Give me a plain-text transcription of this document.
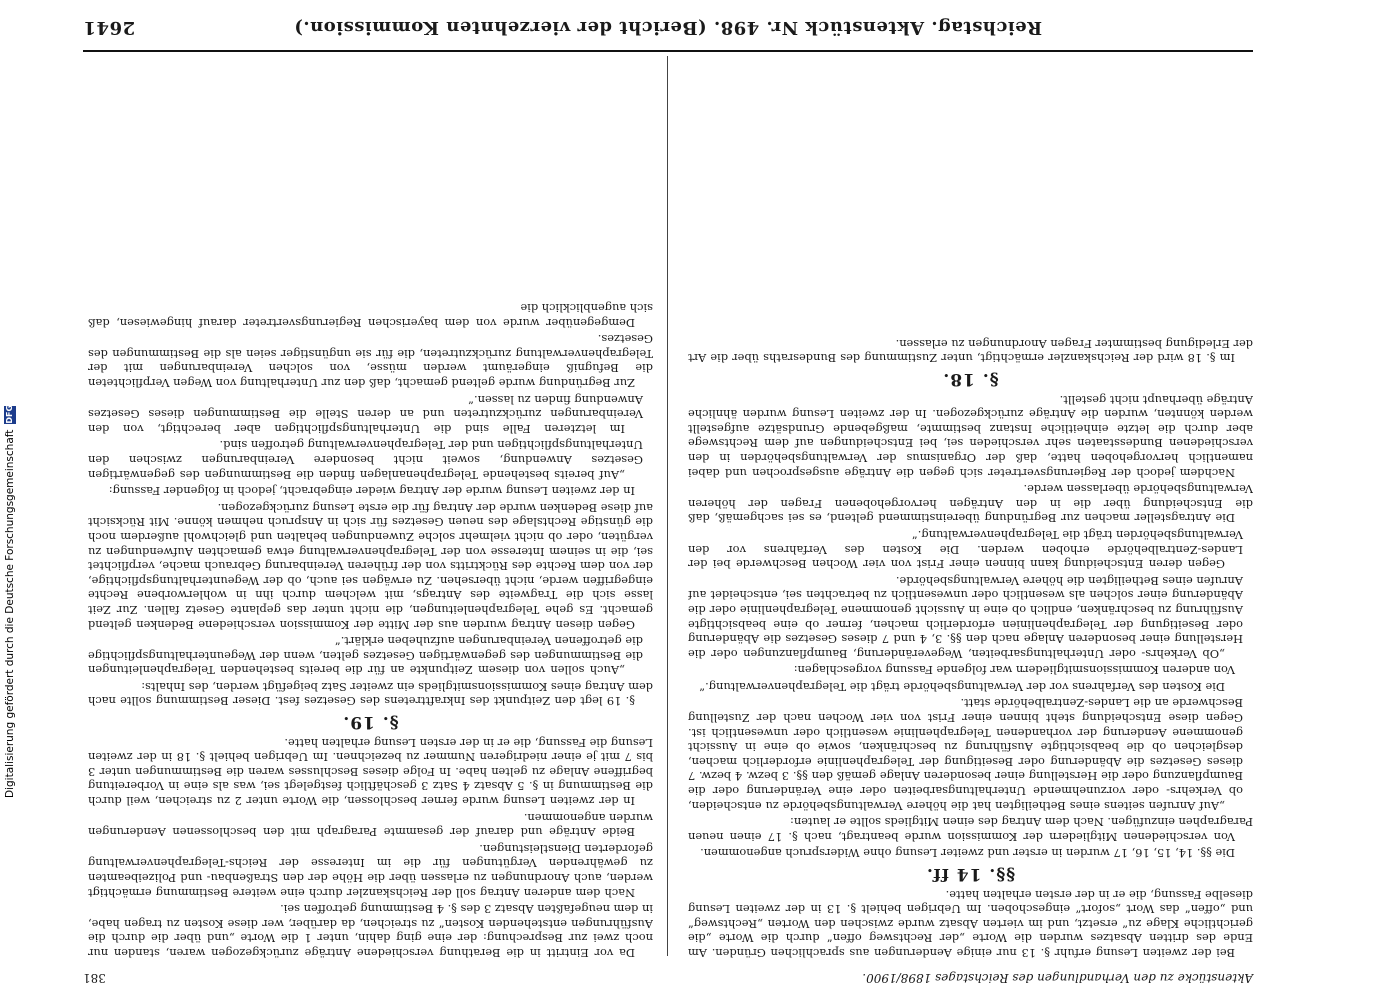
Reichstag. Aktenstück Nr. 498. (Bericht der vierzehnten Kommission.)
2641

Bei der zweiten Lesung erfuhr §. 13 nur einige Aenderungen aus sprachlichen Gründen. Am Ende des dritten Absatzes wurden die Worte „der Rechtsweg offen“ durch die Worte „die gerichtliche Klage zu“ ersetzt, und im vierten Absatz wurde zwischen den Worten „Rechtsweg“ und „offen“ das Wort „sofort“ eingeschoben. Im Uebrigen behielt §. 13 in der zweiten Lesung dieselbe Fassung, die er in der ersten erhalten hatte.

§§. 14 ff.

Die §§. 14, 15, 16, 17 wurden in erster und zweiter Lesung ohne Widerspruch angenommen.

Von verschiedenen Mitgliedern der Kommission wurde beantragt, nach §. 17 einen neuen Paragraphen einzufügen. Nach dem Antrag des einen Mitglieds sollte er lauten:

„Auf Anrufen seitens eines Betheiligten hat die höhere Verwaltungsbehörde zu entscheiden, ob Verkehrs- oder vorzunehmende Unterhaltungsarbeiten oder eine Veränderung oder die Baumpflanzung oder die Herstellung einer besonderen Anlage gemäß den §§. 3 bezw. 4 bezw. 7 dieses Gesetzes die Abänderung oder Beseitigung der Telegraphenlinie erforderlich machen, desgleichen ob die beabsichtigte Ausführung zu beschränken, sowie ob eine in Aussicht genommene Aenderung der vorhandenen Telegraphenlinie wesentlich oder unwesentlich ist. Gegen diese Entscheidung steht binnen einer Frist von vier Wochen nach der Zustellung Beschwerde an die Landes-Zentralbehörde statt.

Die Kosten des Verfahrens vor der Verwaltungsbehörde trägt die Telegraphenverwaltung.“

Von anderen Kommissionsmitgliedern war folgende Fassung vorgeschlagen:

„Ob Verkehrs- oder Unterhaltungsarbeiten, Wegeveränderung, Baumpflanzungen oder die Herstellung einer besonderen Anlage nach den §§. 3, 4 und 7 dieses Gesetzes die Abänderung oder Beseitigung der Telegraphenlinien erforderlich machen, ferner ob eine beabsichtigte Ausführung zu beschränken, endlich ob eine in Aussicht genommene Telegraphenlinie oder die Abänderung einer solchen als wesentlich oder unwesentlich zu betrachten sei, entscheidet auf Anrufen eines Betheiligten die höhere Verwaltungsbehörde.

Gegen deren Entscheidung kann binnen einer Frist von vier Wochen Beschwerde bei der Landes-Zentralbehörde erhoben werden. Die Kosten des Verfahrens vor den Verwaltungsbehörden trägt die Telegraphenverwaltung.“

Die Antragsteller machen zur Begründung übereinstimmend geltend, es sei sachgemäß, daß die Entscheidung über die in den Anträgen hervorgehobenen Fragen der höheren Verwaltungsbehörde überlassen werde.

Nachdem jedoch der Regierungsvertreter sich gegen die Anträge ausgesprochen und dabei namentlich hervorgehoben hatte, daß der Organismus der Verwaltungsbehörden in den verschiedenen Bundesstaaten sehr verschieden sei, bei Entscheidungen auf dem Rechtswege aber durch die letzte einheitliche Instanz bestimmte, maßgebende Grundsätze aufgestellt werden könnten, wurden die Anträge zurückgezogen. In der zweiten Lesung wurden ähnliche Anträge überhaupt nicht gestellt.

§. 18.

Im §. 18 wird der Reichskanzler ermächtigt, unter Zustimmung des Bundesraths über die Art der Erledigung bestimmter Fragen Anordnungen zu erlassen.

Da vor Eintritt in die Berathung verschiedene Anträge zurückgezogen waren, standen nur noch zwei zur Besprechung: der eine ging dahin, unter 1 die Worte „und über die durch die Ausführungen entstehenden Kosten“ zu streichen, da darüber, wer diese Kosten zu tragen habe, in dem neugefaßten Absatz 3 des §. 4 Bestimmung getroffen sei.

Nach dem anderen Antrag soll der Reichskanzler durch eine weitere Bestimmung ermächtigt werden, auch Anordnungen zu erlassen über die Höhe der den Straßenbau- und Polizeibeamten zu gewährenden Vergütungen für die im Interesse der Reichs-Telegraphenverwaltung geforderten Dienstleistungen.

Beide Anträge und darauf der gesammte Paragraph mit den beschlossenen Aenderungen wurden angenommen.

In der zweiten Lesung wurde ferner beschlossen, die Worte unter 2 zu streichen, weil durch die Bestimmung in §. 5 Absatz 4 Satz 3 geschäftlich festgelegt sei, was als eine in Vorbereitung begriffene Anlage zu gelten habe. In Folge dieses Beschlusses waren die Bestimmungen unter 3 bis 7 mit je einer niedrigeren Nummer zu bezeichnen. Im Uebrigen behielt §. 18 in der zweiten Lesung die Fassung, die er in der ersten Lesung erhalten hatte.

§. 19.

§. 19 legt den Zeitpunkt des Inkrafttretens des Gesetzes fest. Dieser Bestimmung sollte nach dem Antrag eines Kommissionsmitglieds ein zweiter Satz beigefügt werden, des Inhalts:

„Auch sollen von diesem Zeitpunkte an für die bereits bestehenden Telegraphenleitungen die Bestimmungen des gegenwärtigen Gesetzes gelten, wenn der Wegeunterhaltungspflichtige die getroffenen Vereinbarungen aufzuheben erklärt.“

Gegen diesen Antrag wurden aus der Mitte der Kommission verschiedene Bedenken geltend gemacht. Es gehe Telegraphenleitungen, die nicht unter das geplante Gesetz fallen. Zur Zeit lasse sich die Tragweite des Antrags, mit welchem durch ihn in wohlerworbene Rechte eingegriffen werde, nicht übersehen. Zu erwägen sei auch, ob der Wegeunterhaltungspflichtige, der von dem Rechte des Rücktritts von der früheren Vereinbarung Gebrauch mache, verpflichtet sei, die in seinem Interesse von der Telegraphenverwaltung etwa gemachten Aufwendungen zu vergüten, oder ob nicht vielmehr solche Zuwendungen behalten und gleichwohl außerdem noch die günstige Rechtslage des neuen Gesetzes für sich in Anspruch nehmen könne. Mit Rücksicht auf diese Bedenken wurde der Antrag für die erste Lesung zurückgezogen.

In der zweiten Lesung wurde der Antrag wieder eingebracht, jedoch in folgender Fassung:

„Auf bereits bestehende Telegraphenanlagen finden die Bestimmungen des gegenwärtigen Gesetzes Anwendung, soweit nicht besondere Vereinbarungen zwischen den Unterhaltungspflichtigen und der Telegraphenverwaltung getroffen sind.

Im letzteren Falle sind die Unterhaltungspflichtigen aber berechtigt, von den Vereinbarungen zurückzutreten und an deren Stelle die Bestimmungen dieses Gesetzes Anwendung finden zu lassen.“

Zur Begründung wurde geltend gemacht, daß den zur Unterhaltung von Wegen Verpflichteten die Befugniß eingeräumt werden müsse, von solchen Vereinbarungen mit der Telegraphenverwaltung zurückzutreten, die für sie ungünstiger seien als die Bestimmungen des Gesetzes.

Demgegenüber wurde von dem bayerischen Regierungsvertreter darauf hingewiesen, daß sich augenblicklich die

Aktenstücke zu den Verhandlungen des Reichstages 1898/1900.
381
Digitalisierung gefördert durch die Deutsche Forschungsgemeinschaft
DFG
